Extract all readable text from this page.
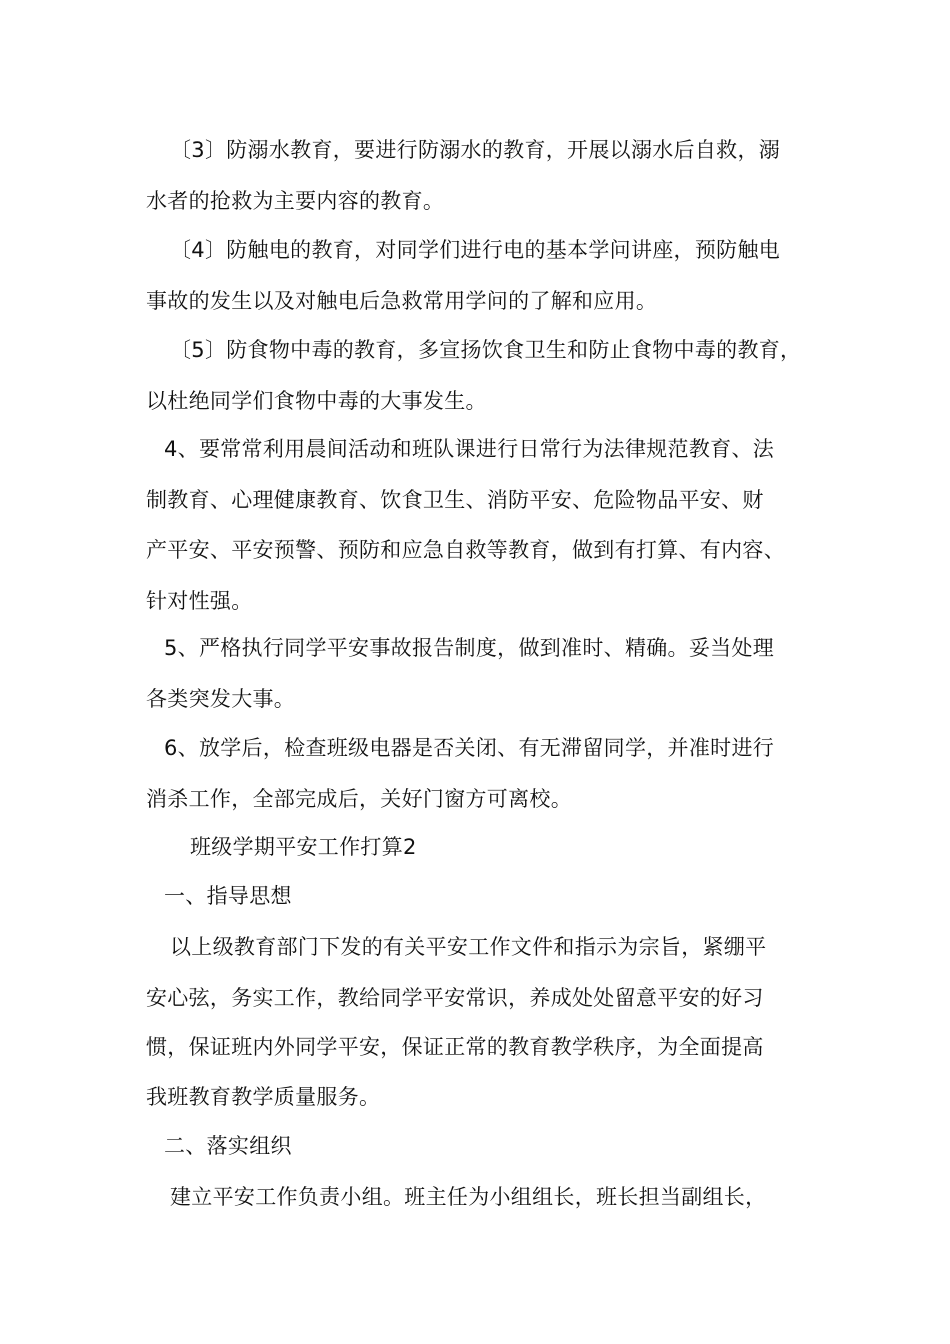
〔3〕防溺水教育，要进行防溺水的教育，开展以溺水后自救，溺
水者的抢救为主要内容的教育。
〔4〕防触电的教育，对同学们进行电的基本学问讲座，预防触电
事故的发生以及对触电后急救常用学问的了解和应用。
〔5〕防食物中毒的教育，多宣扬饮食卫生和防止食物中毒的教育，
以杜绝同学们食物中毒的大事发生。
4、要常常利用晨间活动和班队课进行日常行为法律规范教育、法
制教育、心理健康教育、饮食卫生、消防平安、危险物品平安、财
产平安、平安预警、预防和应急自救等教育，做到有打算、有内容、
针对性强。
5、严格执行同学平安事故报告制度，做到准时、精确。妥当处理
各类突发大事。
6、放学后，检查班级电器是否关闭、有无滞留同学，并准时进行
消杀工作，全部完成后，关好门窗方可离校。
班级学期平安工作打算2
一、指导思想
以上级教育部门下发的有关平安工作文件和指示为宗旨，紧绷平
安心弦，务实工作，教给同学平安常识，养成处处留意平安的好习
惯，保证班内外同学平安，保证正常的教育教学秩序，为全面提高
我班教育教学质量服务。
二、落实组织
建立平安工作负责小组。班主任为小组组长，班长担当副组长，
